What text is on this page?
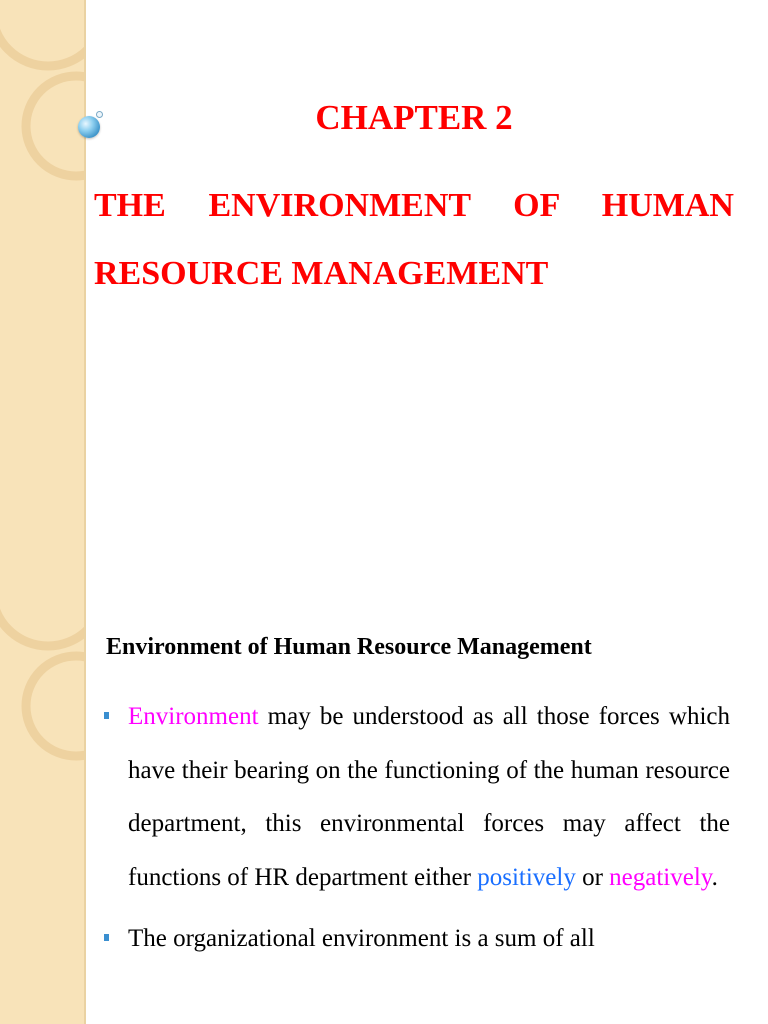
CHAPTER 2
THE ENVIRONMENT OF HUMAN
RESOURCE MANAGEMENT
Environment of Human Resource Management
Environment may be understood as all those forces which have their bearing on the functioning of the human resource department, this environmental forces may affect the functions of HR department either positively or negatively.
The organizational environment is a sum of all
